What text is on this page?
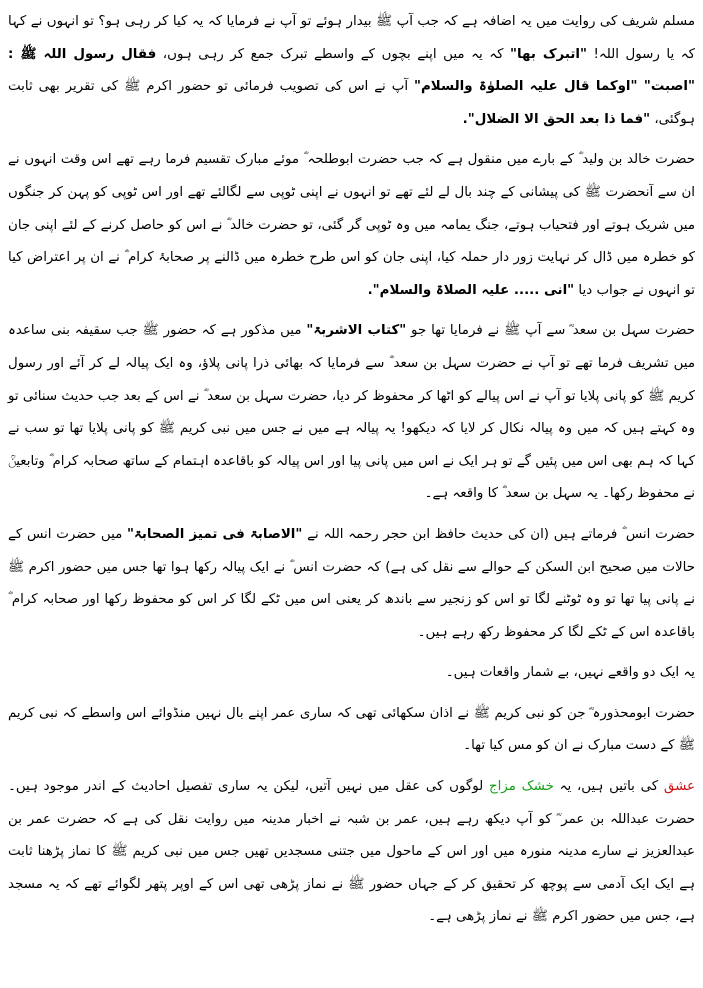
مسلم شریف کی روایت میں یہ اضافہ ہے کہ جب آپ ﷺ بیدار ہوئے تو آپ نے فرمایا کہ یہ کیا کر رہی ہو؟ تو انہوں نے کہا کہ یا رسول اللہ! "اتبرک بھا" کہ یہ میں اپنے بچوں کے واسطے تبرک جمع کر رہی ہوں، فقال رسول اللہ ﷺ : "اصبت" "اوکما قال علیہ الصلوٰۃ والسلام" آپ نے اس کی تصویب فرمائی تو حضور اکرم ﷺ کی تقریر بھی ثابت ہوگئی، "فما ذا بعد الحق الا الضلال".

حضرت خالد بن ولید ؓ کے بارے میں منقول ہے کہ جب حضرت ابوطلحہ ؓ موئے مبارک تقسیم فرما رہے تھے اس وقت انہوں نے ان سے آنحضرت ﷺ کی پیشانی کے چند بال لے لئے تھے تو انہوں نے اپنی ٹوپی سے لگالئے تھے اور اس ٹوپی کو پہن کر جنگوں میں شریک ہوتے اور فتحیاب ہوتے، جنگ یمامہ میں وہ ٹوپی گر گئی، تو حضرت خالد ؓ نے اس کو حاصل کرنے کے لئے اپنی جان کو خطرہ میں ڈال کر نہایت زور دار حملہ کیا، اپنی جان کو اس طرح خطرہ میں ڈالنے پر صحابۂ کرام ؓ نے ان پر اعتراض کیا تو انہوں نے جواب دیا "انی ..... علیہ الصلاۃ والسلام".

حضرت سہل بن سعد ؓ سے آپ ﷺ نے فرمایا تھا جو "کتاب الاشربۃ" میں مذکور ہے کہ حضور ﷺ جب سقیفہ بنی ساعدہ میں تشریف فرما تھے تو آپ نے حضرت سہل بن سعد ؓ سے فرمایا کہ بھائی ذرا پانی پلاؤ، وہ ایک پیالہ لے کر آئے اور رسول کریم ﷺ کو پانی پلایا تو آپ نے اس پیالے کو اٹھا کر محفوظ کر دیا، حضرت سہل بن سعد ؓ نے اس کے بعد جب حدیث سنائی تو وہ کہتے ہیں کہ میں وہ پیالہ نکال کر لایا کہ دیکھو! یہ پیالہ ہے میں نے جس میں نبی کریم ﷺ کو پانی پلایا تھا تو سب نے کہا کہ ہم بھی اس میں پئیں گے تو ہر ایک نے اس میں پانی پیا اور اس پیالہ کو باقاعدہ اہتمام کے ساتھ صحابہ کرام ؓ وتابعینؒ نے محفوظ رکھا۔ یہ سہل بن سعد ؓ کا واقعہ ہے۔

حضرت انس ؓ فرماتے ہیں (ان کی حدیث حافظ ابن حجر رحمہ اللہ نے "الاصابۃ فی تمیز الصحابۃ" میں حضرت انس کے حالات میں صحیح ابن السکن کے حوالے سے نقل کی ہے) کہ حضرت انس ؓ نے ایک پیالہ رکھا ہوا تھا جس میں حضور اکرم ﷺ نے پانی پیا تھا تو وہ ٹوٹنے لگا تو اس کو زنجیر سے باندھ کر یعنی اس میں ٹکے لگا کر اس کو محفوظ رکھا اور صحابہ کرام ؓ باقاعدہ اس کے ٹکے لگا کر محفوظ رکھ رہے ہیں۔

یہ ایک دو واقعے نہیں، بے شمار واقعات ہیں۔

حضرت ابومحذورہ ؓ جن کو نبی کریم ﷺ نے اذان سکھائی تھی کہ ساری عمر اپنے بال نہیں منڈوائے اس واسطے کہ نبی کریم ﷺ کے دست مبارک نے ان کو مس کیا تھا۔

عشق کی باتیں ہیں، یہ خشک مزاج لوگوں کی عقل میں نہیں آتیں، لیکن یہ ساری تفصیل احادیث کے اندر موجود ہیں۔ حضرت عبداللہ بن عمر ؓ کو آپ دیکھ رہے ہیں، عمر بن شبہ نے اخبار مدینہ میں روایت نقل کی ہے کہ حضرت عمر بن عبدالعزیز نے سارے مدینہ منورہ میں اور اس کے ماحول میں جتنی مسجدیں تھیں جس میں نبی کریم ﷺ کا نماز پڑھنا ثابت ہے ایک ایک آدمی سے پوچھ کر تحقیق کر کے جہاں حضور ﷺ نے نماز پڑھی تھی اس کے اوپر پتھر لگوائے تھے کہ یہ مسجد ہے، جس میں حضور اکرم ﷺ نے نماز پڑھی ہے۔
